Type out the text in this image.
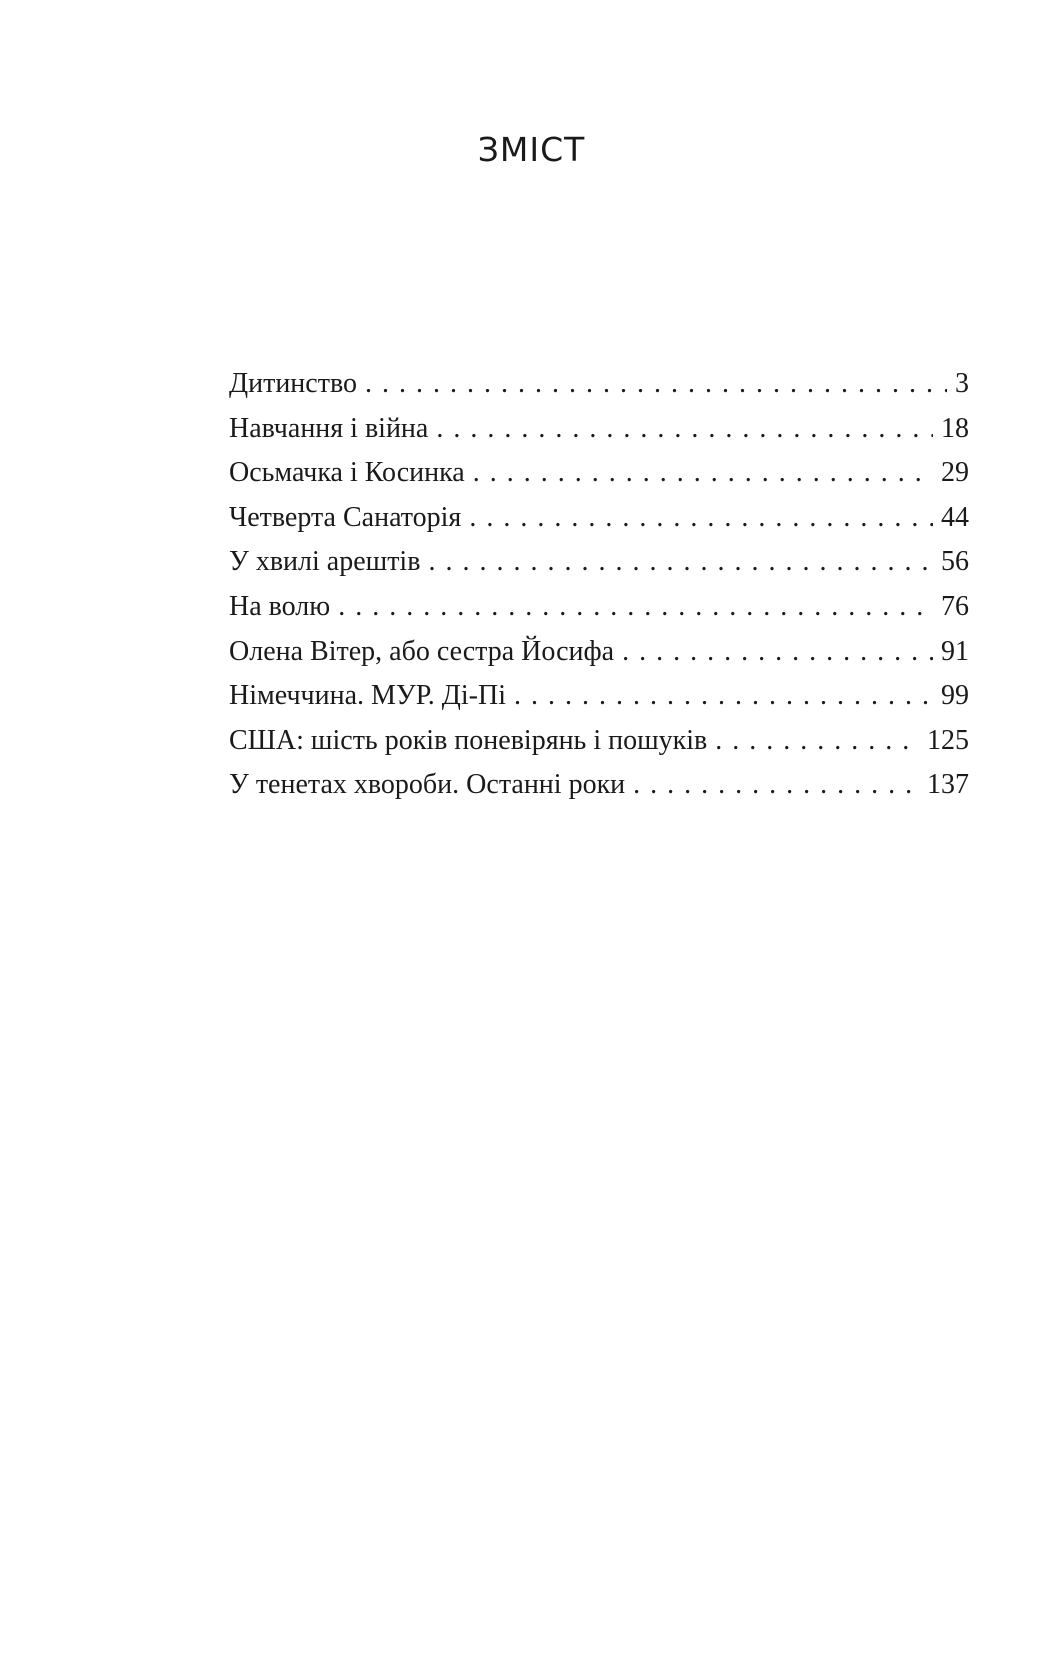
ЗМІСТ
Дитинство . . .	3
Навчання і війна . . .	18
Осьмачка і Косинка . . .	29
Четверта Санаторія . . .	44
У хвилі арештів . . .	56
На волю . . .	76
Олена Вітер, або сестра Йосифа . . .	91
Німеччина. МУР. Ді-Пі . . .	99
США: шість років поневірянь і пошуків . . .	125
У тенетах хвороби. Останні роки . . .	137
